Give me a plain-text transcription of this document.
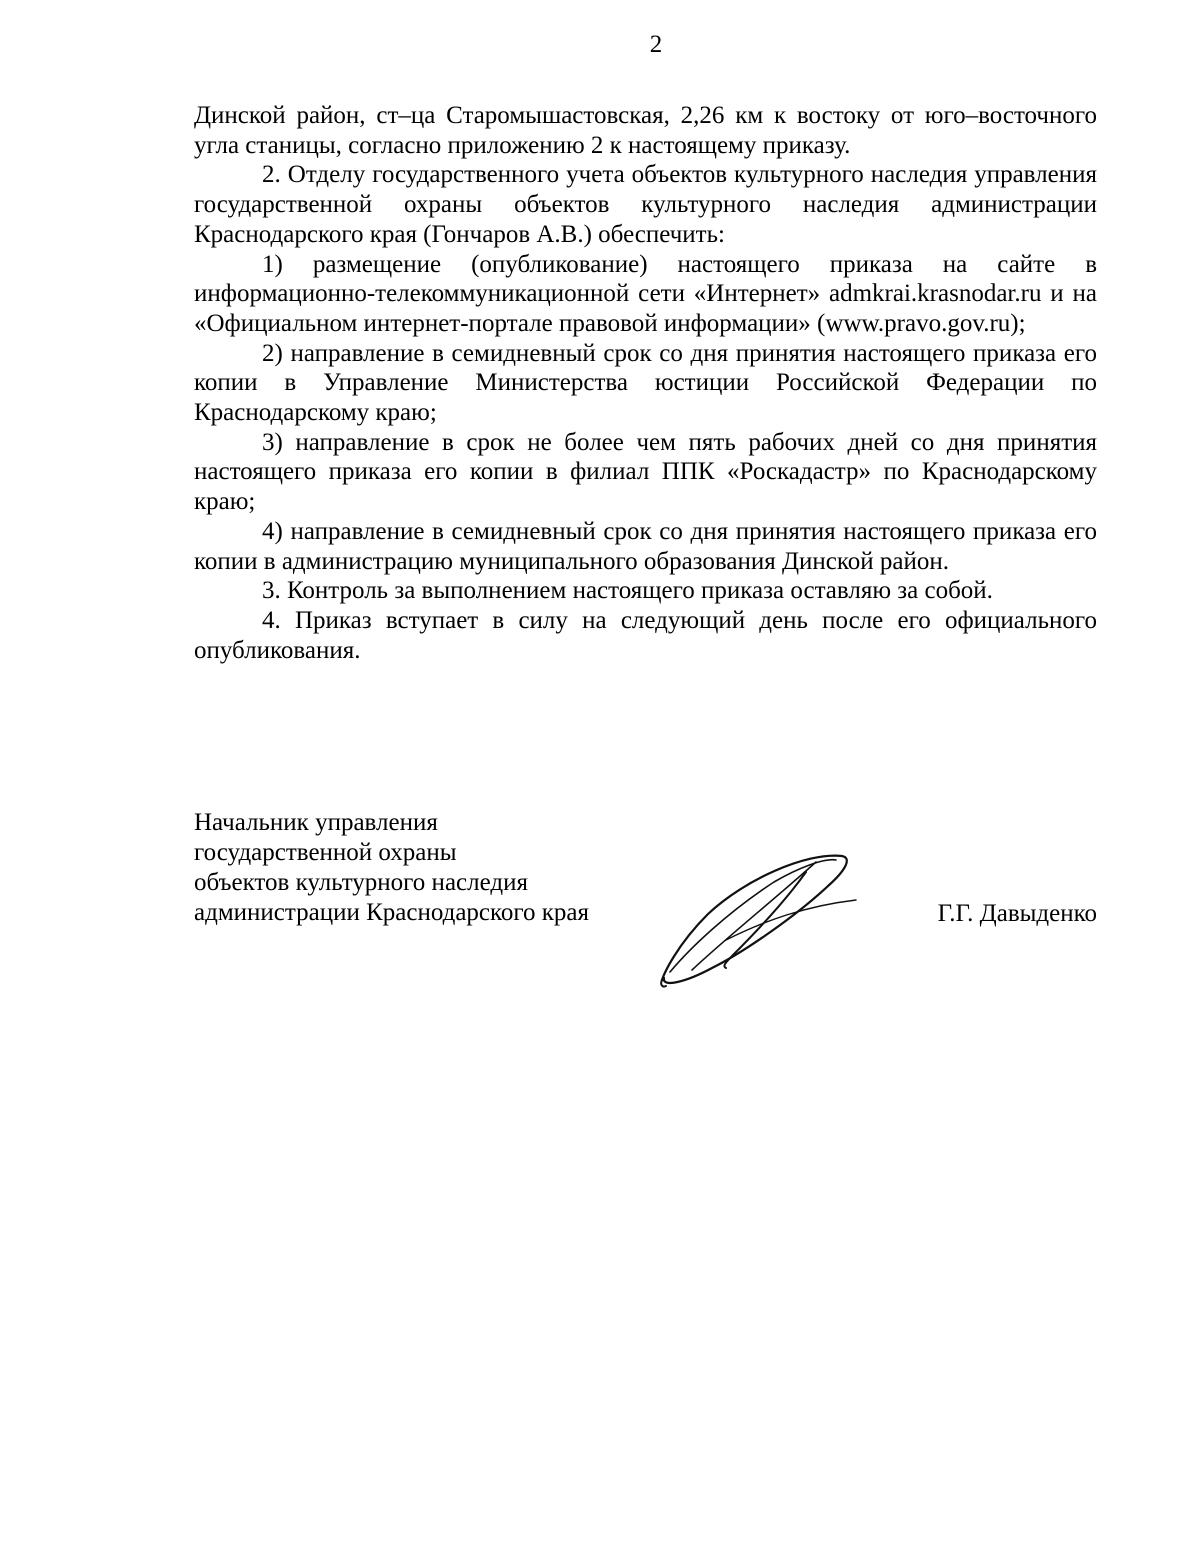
2

Динской район, ст–ца Старомышастовская, 2,26 км к востоку от юго–восточного угла станицы, согласно приложению 2 к настоящему приказу.

2. Отделу государственного учета объектов культурного наследия управления государственной охраны объектов культурного наследия администрации Краснодарского края (Гончаров А.В.) обеспечить:

1) размещение (опубликование) настоящего приказа на сайте в информационно-телекоммуникационной сети «Интернет» admkrai.krasnodar.ru и на «Официальном интернет-портале правовой информации» (www.pravo.gov.ru);

2) направление в семидневный срок со дня принятия настоящего приказа его копии в Управление Министерства юстиции Российской Федерации по Краснодарскому краю;

3) направление в срок не более чем пять рабочих дней со дня принятия настоящего приказа его копии в филиал ППК «Роскадастр» по Краснодарскому краю;

4) направление в семидневный срок со дня принятия настоящего приказа его копии в администрацию муниципального образования Динской район.

3. Контроль за выполнением настоящего приказа оставляю за собой.

4. Приказ вступает в силу на следующий день после его официального опубликования.

Начальник управления
государственной охраны
объектов культурного наследия
администрации Краснодарского края	Г.Г. Давыденко
